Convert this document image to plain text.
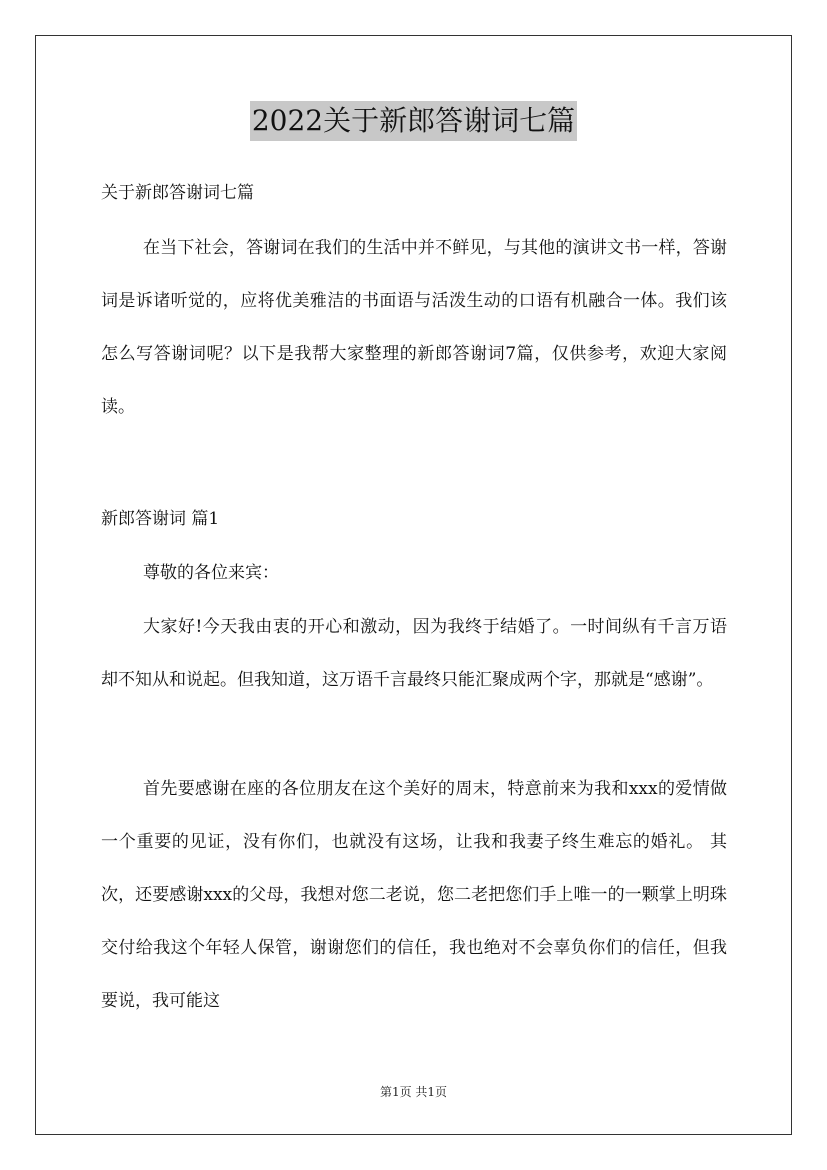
2022关于新郎答谢词七篇

关于新郎答谢词七篇

在当下社会，答谢词在我们的生活中并不鲜见，与其他的演讲文书一样，答谢词是诉诸听觉的，应将优美雅洁的书面语与活泼生动的口语有机融合一体。我们该怎么写答谢词呢？以下是我帮大家整理的新郎答谢词7篇，仅供参考，欢迎大家阅读。

新郎答谢词 篇1

尊敬的各位来宾：

大家好!今天我由衷的开心和激动，因为我终于结婚了。一时间纵有千言万语却不知从和说起。但我知道，这万语千言最终只能汇聚成两个字，那就是“感谢”。

首先要感谢在座的各位朋友在这个美好的周末，特意前来为我和xxx的爱情做一个重要的见证，没有你们，也就没有这场，让我和我妻子终生难忘的婚礼。 其次，还要感谢xxx的父母，我想对您二老说，您二老把您们手上唯一的一颗掌上明珠交付给我这个年轻人保管，谢谢您们的信任，我也绝对不会辜负你们的信任，但我要说，我可能这

第1页 共1页
